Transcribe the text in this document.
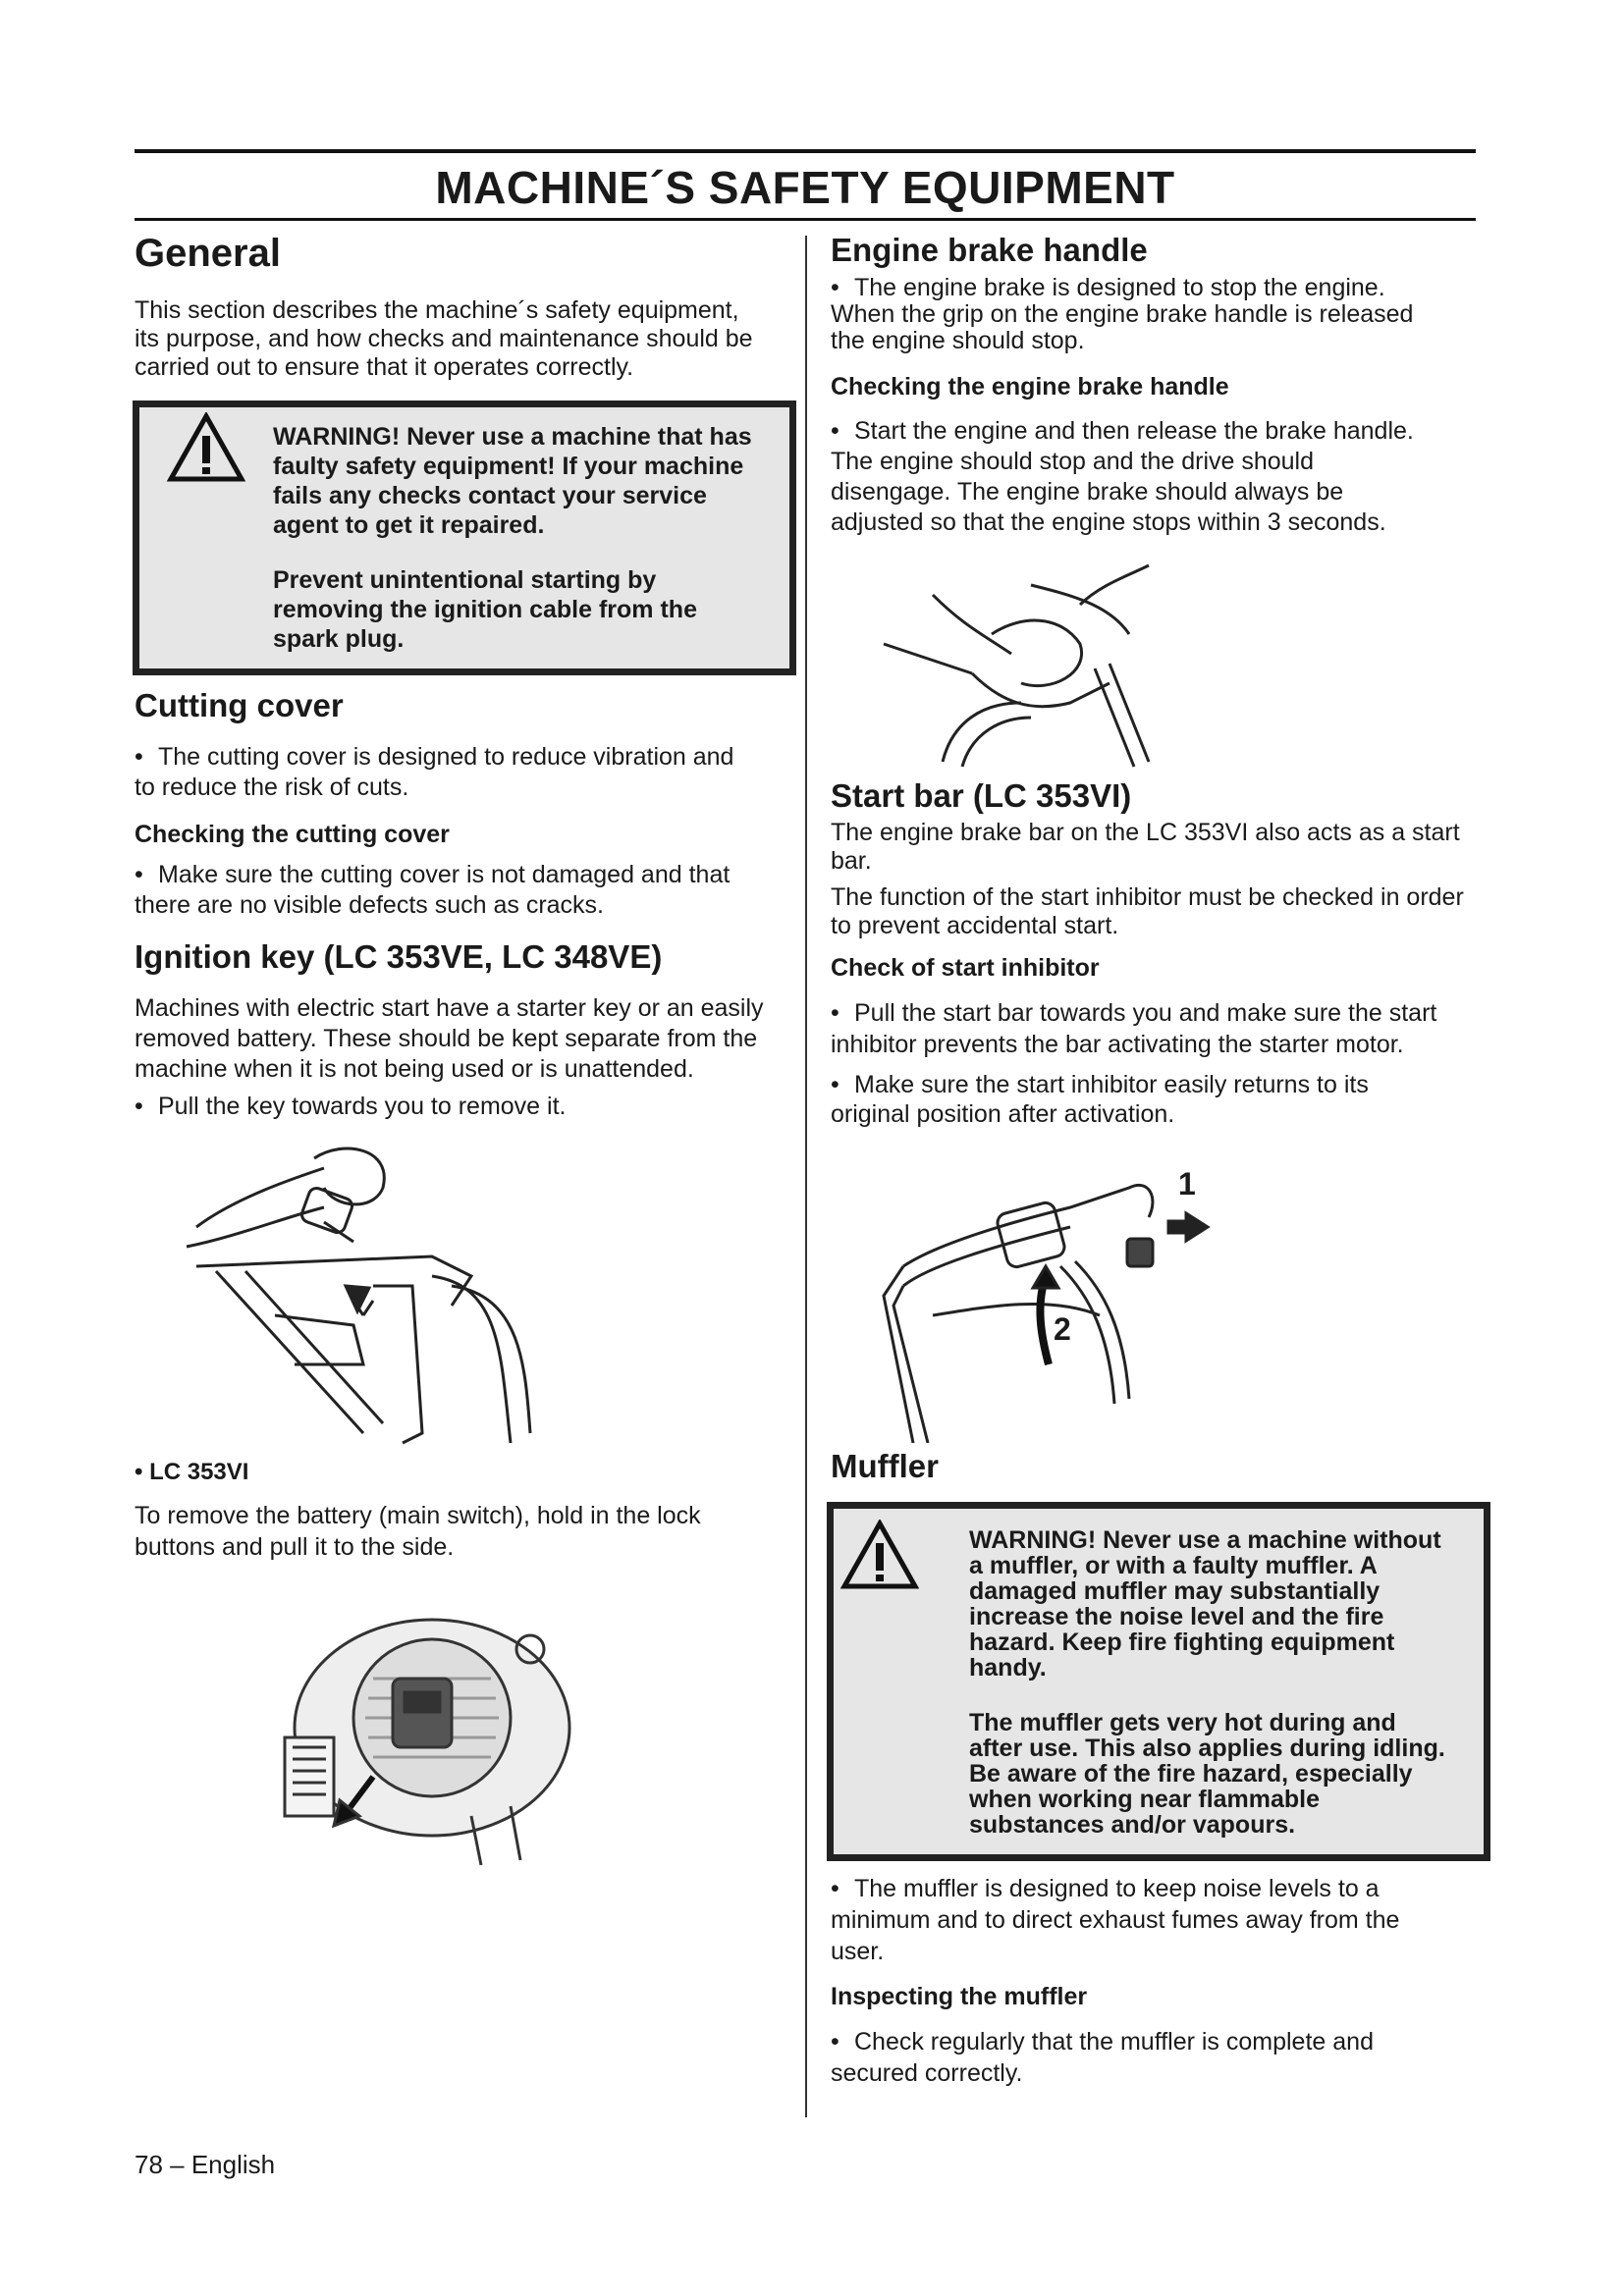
MACHINE´S SAFETY EQUIPMENT
General
This section describes the machine´s safety equipment,
its purpose, and how checks and maintenance should be
carried out to ensure that it operates correctly.
WARNING! Never use a machine that has
faulty safety equipment! If your machine
fails any checks contact your service
agent to get it repaired.
Prevent unintentional starting by
removing the ignition cable from the
spark plug.
Cutting cover
• The cutting cover is designed to reduce vibration and
to reduce the risk of cuts.
Checking the cutting cover
• Make sure the cutting cover is not damaged and that
there are no visible defects such as cracks.
Ignition key (LC 353VE, LC 348VE)
Machines with electric start have a starter key or an easily
removed battery. These should be kept separate from the
machine when it is not being used or is unattended.
• Pull the key towards you to remove it.
• LC 353VI
To remove the battery (main switch), hold in the lock
buttons and pull it to the side.
Engine brake handle
• The engine brake is designed to stop the engine.
When the grip on the engine brake handle is released
the engine should stop.
Checking the engine brake handle
• Start the engine and then release the brake handle.
The engine should stop and the drive should
disengage. The engine brake should always be
adjusted so that the engine stops within 3 seconds.
Start bar (LC 353VI)
The engine brake bar on the LC 353VI also acts as a start
bar.
The function of the start inhibitor must be checked in order
to prevent accidental start.
Check of start inhibitor
• Pull the start bar towards you and make sure the start
inhibitor prevents the bar activating the starter motor.
• Make sure the start inhibitor easily returns to its
original position after activation.
1
2
Muffler
WARNING! Never use a machine without
a muffler, or with a faulty muffler. A
damaged muffler may substantially
increase the noise level and the fire
hazard. Keep fire fighting equipment
handy.
The muffler gets very hot during and
after use. This also applies during idling.
Be aware of the fire hazard, especially
when working near flammable
substances and/or vapours.
• The muffler is designed to keep noise levels to a
minimum and to direct exhaust fumes away from the
user.
Inspecting the muffler
• Check regularly that the muffler is complete and
secured correctly.
78 – English
